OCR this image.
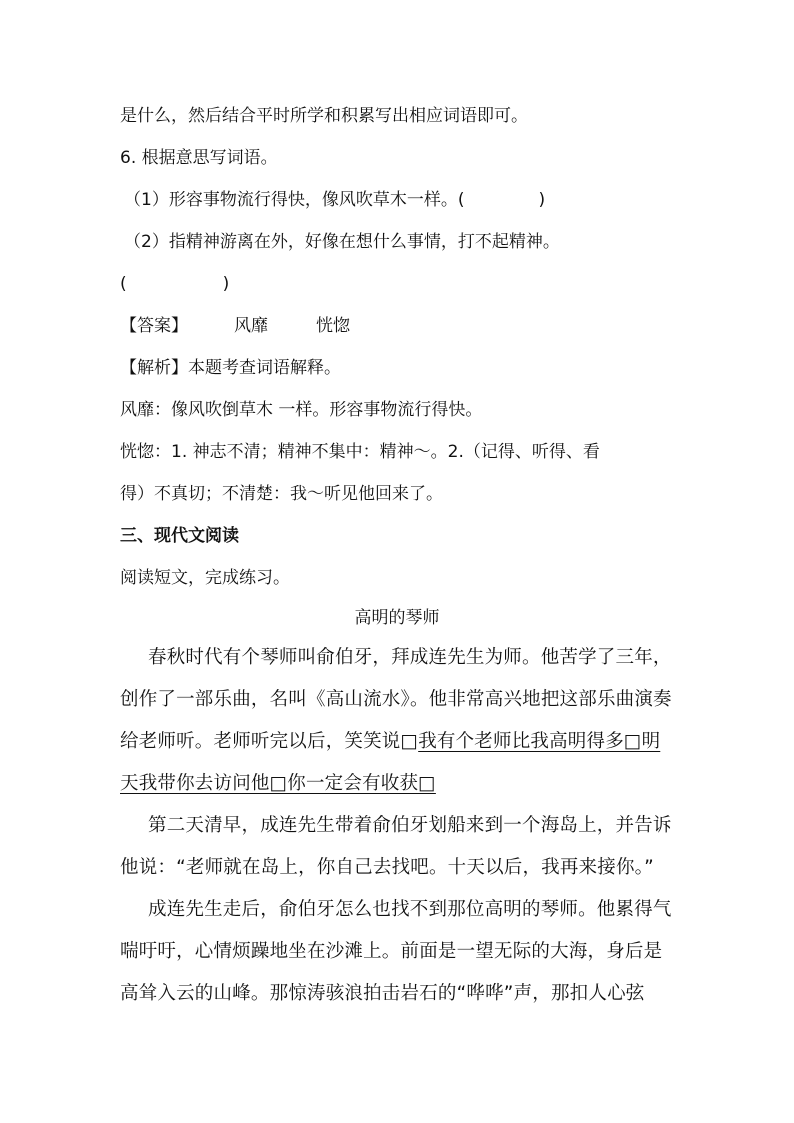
是什么，然后结合平时所学和积累写出相应词语即可。
6. 根据意思写词语。
（1）形容事物流行得快，像风吹草木一样。(	)
（2）指精神游离在外，好像在想什么事情，打不起精神。
(	)
【答案】	风靡	恍惚
【解析】本题考查词语解释。
风靡：像风吹倒草木 一样。形容事物流行得快。
恍惚：1. 神志不清；精神不集中：精神～。2.（记得、听得、看
得）不真切；不清楚：我～听见他回来了。
三、现代文阅读
阅读短文，完成练习。
高明的琴师
春秋时代有个琴师叫俞伯牙，拜成连先生为师。他苦学了三年，
创作了一部乐曲，名叫《高山流水》。他非常高兴地把这部乐曲演奏
给老师听。老师听完以后，笑笑说□我有个老师比我高明得多□明
天我带你去访问他□你一定会有收获□
第二天清早，成连先生带着俞伯牙划船来到一个海岛上，并告诉
他说：“老师就在岛上，你自己去找吧。十天以后，我再来接你。”
成连先生走后，俞伯牙怎么也找不到那位高明的琴师。他累得气
喘吁吁，心情烦躁地坐在沙滩上。前面是一望无际的大海，身后是
高耸入云的山峰。那惊涛骇浪拍击岩石的“哗哗”声，那扣人心弦
